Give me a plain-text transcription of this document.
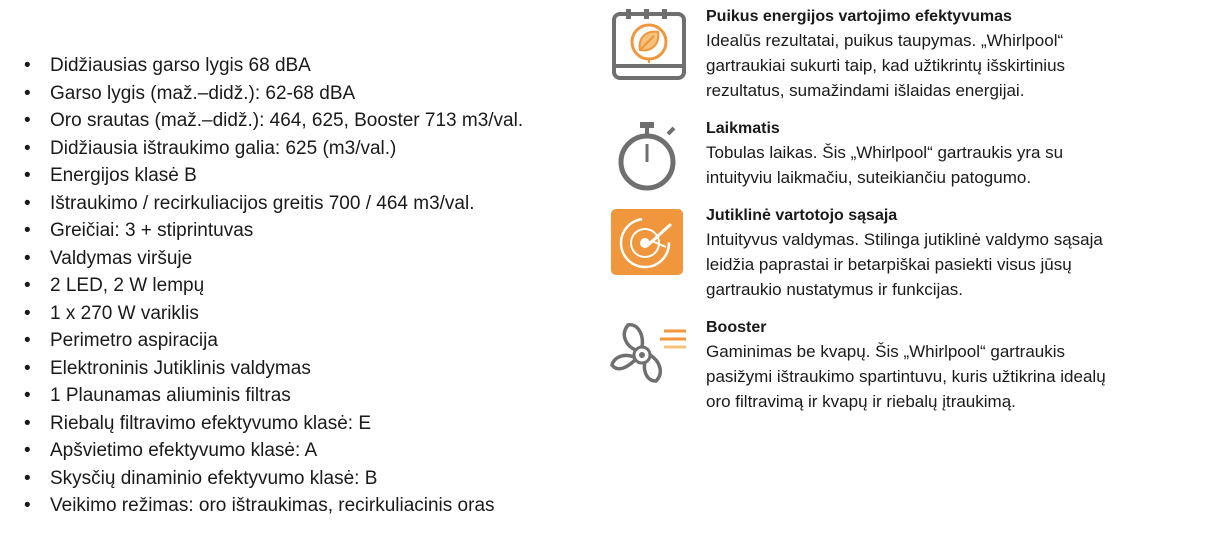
• Didžiausias garso lygis 68 dBA
• Garso lygis (maž.–didž.): 62-68 dBA
• Oro srautas (maž.–didž.): 464, 625, Booster 713 m3/val.
• Didžiausia ištraukimo galia: 625 (m3/val.)
• Energijos klasė B
• Ištraukimo / recirkuliacijos greitis 700 / 464 m3/val.
• Greičiai: 3 + stiprintuvas
• Valdymas viršuje
• 2 LED, 2 W lempų
• 1 x 270 W variklis
• Perimetro aspiracija
• Elektroninis Jutiklinis valdymas
• 1 Plaunamas aliuminis filtras
• Riebalų filtravimo efektyvumo klasė: E
• Apšvietimo efektyvumo klasė: A
• Skysčių dinaminio efektyvumo klasė: B
• Veikimo režimas: oro ištraukimas, recirkuliacinis oras
Puikus energijos vartojimo efektyvumas
Idealūs rezultatai, puikus taupymas. „Whirlpool“
gartraukiai sukurti taip, kad užtikrintų išskirtinius
rezultatus, sumažindami išlaidas energijai.
Laikmatis
Tobulas laikas. Šis „Whirlpool“ gartraukis yra su
intuityviu laikmačiu, suteikiančiu patogumo.
Jutiklinė vartotojo sąsaja
Intuityvus valdymas. Stilinga jutiklinė valdymo sąsaja
leidžia paprastai ir betarpiškai pasiekti visus jūsų
gartraukio nustatymus ir funkcijas.
Booster
Gaminimas be kvapų. Šis „Whirlpool“ gartraukis
pasižymi ištraukimo spartintuvu, kuris užtikrina idealų
oro filtravimą ir kvapų ir riebalų įtraukimą.
